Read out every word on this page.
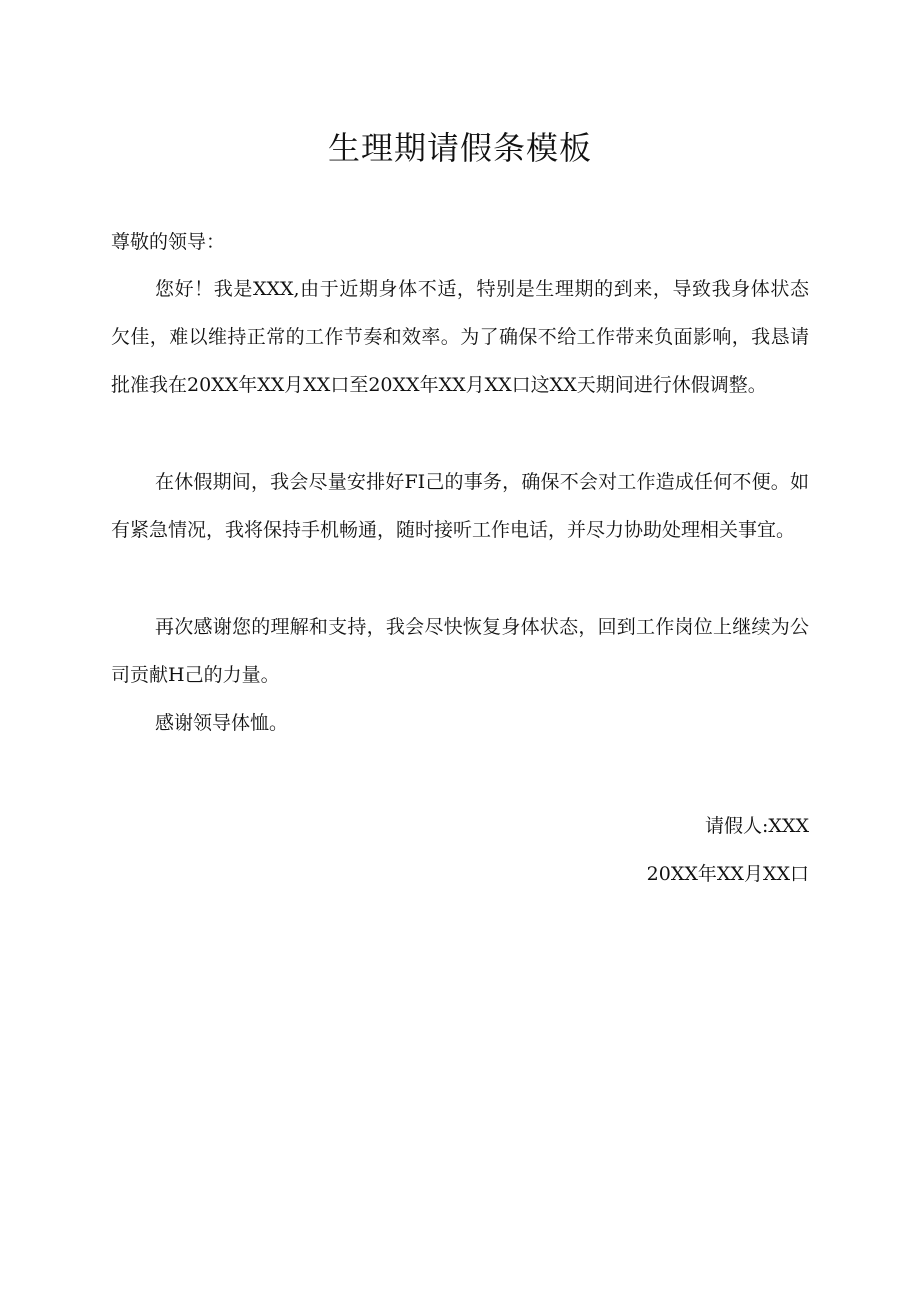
生理期请假条模板

尊敬的领导：

您好！我是XXX,由于近期身体不适，特别是生理期的到来，导致我身体状态欠佳，难以维持正常的工作节奏和效率。为了确保不给工作带来负面影响，我恳请批准我在20XX年XX月XX口至20XX年XX月XX口这XX天期间进行休假调整。

在休假期间，我会尽量安排好FI己的事务，确保不会对工作造成任何不便。如有紧急情况，我将保持手机畅通，随时接听工作电话，并尽力协助处理相关事宜。

再次感谢您的理解和支持，我会尽快恢复身体状态，回到工作岗位上继续为公司贡献H己的力量。

感谢领导体恤。

请假人:XXX

20XX年XX月XX口
